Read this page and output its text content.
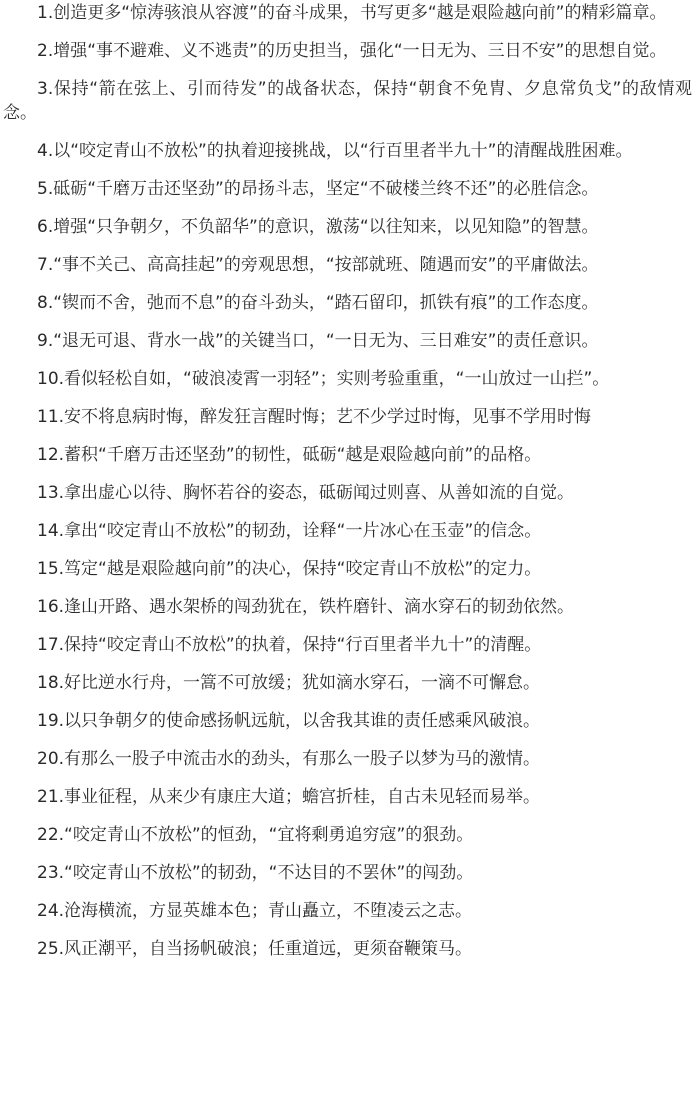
1.创造更多“惊涛骇浪从容渡”的奋斗成果，书写更多“越是艰险越向前”的精彩篇章。

2.增强“事不避难、义不逃责”的历史担当，强化“一日无为、三日不安”的思想自觉。

3.保持“箭在弦上、引而待发”的战备状态，保持“朝食不免胄、夕息常负戈”的敌情观念。

4.以“咬定青山不放松”的执着迎接挑战，以“行百里者半九十”的清醒战胜困难。

5.砥砺“千磨万击还坚劲”的昂扬斗志，坚定“不破楼兰终不还”的必胜信念。

6.增强“只争朝夕，不负韶华”的意识，激荡“以往知来，以见知隐”的智慧。

7.“事不关己、高高挂起”的旁观思想，“按部就班、随遇而安”的平庸做法。

8.“锲而不舍，弛而不息”的奋斗劲头，“踏石留印，抓铁有痕”的工作态度。

9.“退无可退、背水一战”的关键当口，“一日无为、三日难安”的责任意识。

10.看似轻松自如，“破浪凌霄一羽轻”；实则考验重重，“一山放过一山拦”。

11.安不将息病时悔，醉发狂言醒时悔；艺不少学过时悔，见事不学用时悔

12.蓄积“千磨万击还坚劲”的韧性，砥砺“越是艰险越向前”的品格。

13.拿出虚心以待、胸怀若谷的姿态，砥砺闻过则喜、从善如流的自觉。

14.拿出“咬定青山不放松”的韧劲，诠释“一片冰心在玉壶”的信念。

15.笃定“越是艰险越向前”的决心，保持“咬定青山不放松”的定力。

16.逢山开路、遇水架桥的闯劲犹在，铁杵磨针、滴水穿石的韧劲依然。

17.保持“咬定青山不放松”的执着，保持“行百里者半九十”的清醒。

18.好比逆水行舟，一篙不可放缓；犹如滴水穿石，一滴不可懈怠。

19.以只争朝夕的使命感扬帆远航，以舍我其谁的责任感乘风破浪。

20.有那么一股子中流击水的劲头，有那么一股子以梦为马的激情。

21.事业征程，从来少有康庄大道；蟾宫折桂，自古未见轻而易举。

22.“咬定青山不放松”的恒劲，“宜将剩勇追穷寇”的狠劲。

23.“咬定青山不放松”的韧劲，“不达目的不罢休”的闯劲。

24.沧海横流，方显英雄本色；青山矗立，不堕凌云之志。

25.风正潮平，自当扬帆破浪；任重道远，更须奋鞭策马。
